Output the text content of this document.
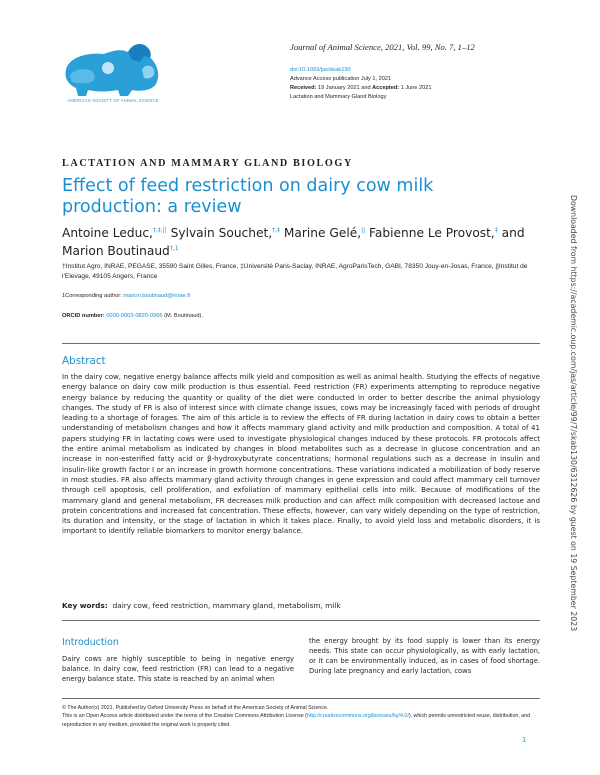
AMERICAN SOCIETY OF ANIMAL SCIENCE
Journal of Animal Science, 2021, Vol. 99, No. 7, 1–12
doi:10.1093/jas/skab130
Advance Access publication July 1, 2021
Received: 19 January 2021 and Accepted: 1 June 2021
Lactation and Mammary Gland Biology
LACTATION AND MAMMARY GLAND BIOLOGY
Effect of feed restriction on dairy cow milk production: a review
Antoine Leduc,†,‡,|| Sylvain Souchet,†,‡ Marine Gelé,|| Fabienne Le Provost,‡ and Marion Boutinaud$^{\dagger,1}$
†Institut Agro, INRAE, PEGASE, 35590 Saint Gilles, France, ‡Université Paris-Saclay, INRAE, AgroParisTech, GABI, 78350 Jouy-en-Josas, France, ||Institut de l’Elevage, 49105 Angers, France
1Corresponding author: marion.boutinaud@inrae.fr
ORCID number: 0000-0003-0820-0966 (M. Boutinaud).
Abstract
In the dairy cow, negative energy balance affects milk yield and composition as well as animal health. Studying the effects of negative energy balance on dairy cow milk production is thus essential. Feed restriction (FR) experiments attempting to reproduce negative energy balance by reducing the quantity or quality of the diet were conducted in order to better describe the animal physiology changes. The study of FR is also of interest since with climate change issues, cows may be increasingly faced with periods of drought leading to a shortage of forages. The aim of this article is to review the effects of FR during lactation in dairy cows to obtain a better understanding of metabolism changes and how it affects mammary gland activity and milk production and composition. A total of 41 papers studying FR in lactating cows were used to investigate physiological changes induced by these protocols. FR protocols affect the entire animal metabolism as indicated by changes in blood metabolites such as a decrease in glucose concentration and an increase in non-esterified fatty acid or β-hydroxybutyrate concentrations; hormonal regulations such as a decrease in insulin and insulin-like growth factor I or an increase in growth hormone concentrations. These variations indicated a mobilization of body reserve in most studies. FR also affects mammary gland activity through changes in gene expression and could affect mammary cell turnover through cell apoptosis, cell proliferation, and exfoliation of mammary epithelial cells into milk. Because of modifications of the mammary gland and general metabolism, FR decreases milk production and can affect milk composition with decreased lactose and protein concentrations and increased fat concentration. These effects, however, can vary widely depending on the type of restriction, its duration and intensity, or the stage of lactation in which it takes place. Finally, to avoid yield loss and metabolic disorders, it is important to identify reliable biomarkers to monitor energy balance.
Key words: dairy cow, feed restriction, mammary gland, metabolism, milk
Introduction
Dairy cows are highly susceptible to being in negative energy balance. In dairy cow, feed restriction (FR) can lead to a negative energy balance state. This state is reached by an animal when
the energy brought by its food supply is lower than its energy needs. This state can occur physiologically, as with early lactation, or it can be environmentally induced, as in cases of food shortage. During late pregnancy and early lactation, cows
© The Author(s) 2021. Published by Oxford University Press on behalf of the American Society of Animal Science.
This is an Open Access article distributed under the terms of the Creative Commons Attribution License (http://creativecommons.org/licenses/by/4.0/), which permits unrestricted reuse, distribution, and reproduction in any medium, provided the original work is properly cited.
1
Downloaded from https://academic.oup.com/jas/article/99/7/skab130/6312626 by guest on 19 September 2023
